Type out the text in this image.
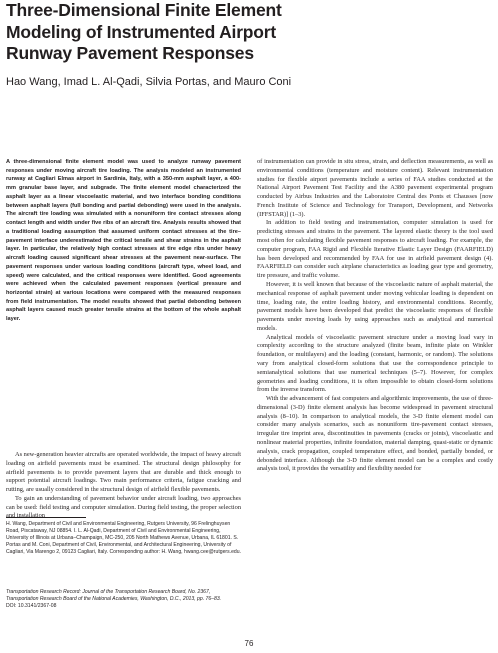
Three-Dimensional Finite Element
Modeling of Instrumented Airport
Runway Pavement Responses
Hao Wang, Imad L. Al-Qadi, Silvia Portas, and Mauro Coni

A three-dimensional finite element model was used to analyze runway pavement responses under moving aircraft tire loading. The analysis modeled an instrumented runway at Cagliari Elmas airport in Sardinia, Italy, with a 350-mm asphalt layer, a 400-mm granular base layer, and subgrade. The finite element model characterized the asphalt layer as a linear viscoelastic material, and two interface bonding conditions between asphalt layers (full bonding and partial debonding) were used in the analysis. The aircraft tire loading was simulated with a nonuniform tire contact stresses along contact length and width under five ribs of an aircraft tire. Analysis results showed that a traditional loading assumption that assumed uniform contact stresses at the tire–pavement interface underestimated the critical tensile and shear strains in the asphalt layer. In particular, the relatively high contact stresses at tire edge ribs under heavy aircraft loading caused significant shear stresses at the pavement near-surface. The pavement responses under various loading conditions (aircraft type, wheel load, and speed) were calculated, and the critical responses were identified. Good agreements were achieved when the calculated pavement responses (vertical pressure and horizontal strain) at various locations were compared with the measured responses from field instrumentation. The model results showed that partial debonding between asphalt layers caused much greater tensile strains at the bottom of the whole asphalt layer.

As new-generation heavier aircrafts are operated worldwide, the impact of heavy aircraft loading on airfield pavements must be examined. The structural design philosophy for airfield pavements is to provide pavement layers that are durable and thick enough to support potential aircraft loadings. Two main performance criteria, fatigue cracking and rutting, are usually considered in the structural design of airfield flexible pavements.

To gain an understanding of pavement behavior under aircraft loading, two approaches can be used: field testing and computer simulation. During field testing, the proper selection and installation

H. Wang, Department of Civil and Environmental Engineering, Rutgers University, 96 Frelinghuysen Road, Piscataway, NJ 08854. I. L. Al-Qadi, Department of Civil and Environmental Engineering, University of Illinois at Urbana–Champaign, MC-250, 205 North Mathews Avenue, Urbana, IL 61801. S. Portas and M. Coni, Department of Civil, Environmental, and Architectural Engineering, University of Cagliari, Via Marengo 2, 09123 Cagliari, Italy. Corresponding author: H. Wang, hwang.cee@rutgers.edu.

Transportation Research Record: Journal of the Transportation Research Board, No. 2367, Transportation Research Board of the National Academies, Washington, D.C., 2013, pp. 76–83.

DOI: 10.3141/2367-08

of instrumentation can provide in situ stress, strain, and deflection measurements, as well as environmental conditions (temperature and moisture content). Relevant instrumentation studies for flexible airport pavements include a series of FAA studies conducted at the National Airport Pavement Test Facility and the A380 pavement experimental program conducted by Airbus Industries and the Laboratoire Central des Ponts et Chausses [now French Institute of Science and Technology for Transport, Development, and Networks (IFFSTAR)] (1–3).

In addition to field testing and instrumentation, computer simulation is used for predicting stresses and strains in the pavement. The layered elastic theory is the tool used most often for calculating flexible pavement responses to aircraft loading. For example, the computer program, FAA Rigid and Flexible Iterative Elastic Layer Design (FAARFIELD) has been developed and recommended by FAA for use in airfield pavement design (4). FAARFIELD can consider such airplane characteristics as loading gear type and geometry, tire pressure, and traffic volume.

However, it is well known that because of the viscoelastic nature of asphalt material, the mechanical response of asphalt pavement under moving vehicular loading is dependent on time, loading rate, the entire loading history, and environmental conditions. Recently, pavement models have been developed that predict the viscoelastic responses of flexible pavements under moving loads by using approaches such as analytical and numerical models.

Analytical models of viscoelastic pavement structure under a moving load vary in complexity according to the structure analyzed (finite beam, infinite plate on Winkler foundation, or multilayers) and the loading (constant, harmonic, or random). The solutions vary from analytical closed-form solutions that use the correspondence principle to semianalytical solutions that use numerical techniques (5–7). However, for complex geometries and loading conditions, it is often impossible to obtain closed-form solutions from the inverse transform.

With the advancement of fast computers and algorithmic improvements, the use of three-dimensional (3-D) finite element analysis has become widespread in pavement structural analysis (8–10). In comparison to analytical models, the 3-D finite element model can consider many analysis scenarios, such as nonuniform tire-pavement contact stresses, irregular tire imprint area, discontinuities in pavements (cracks or joints), viscoelastic and nonlinear material properties, infinite foundation, material damping, quasi-static or dynamic analysis, crack propagation, coupled temperature effect, and bonded, partially bonded, or debonded interface. Although the 3-D finite element model can be a complex and costly analysis tool, it provides the versatility and flexibility needed for

76
